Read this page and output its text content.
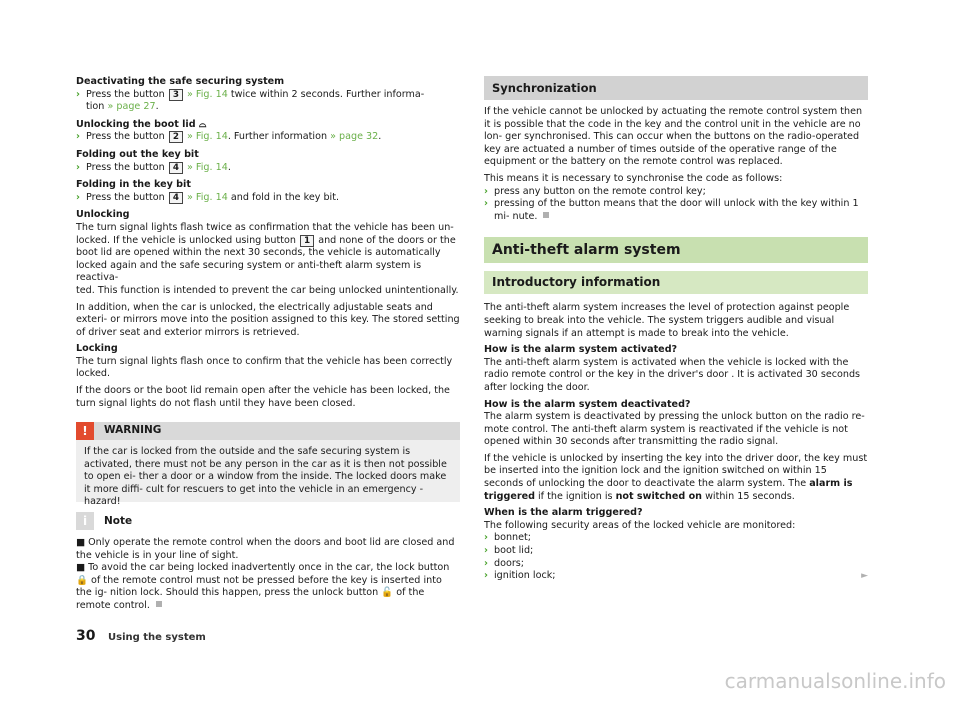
Deactivating the safe securing system

› Press the button 3 » Fig. 14 twice within 2 seconds. Further informa-
tion » page 27.

Unlocking the boot lid ⌓

› Press the button 2 » Fig. 14. Further information » page 32.

Folding out the key bit

› Press the button 4 » Fig. 14.

Folding in the key bit

› Press the button 4 » Fig. 14 and fold in the key bit.

Unlocking

The turn signal lights flash twice as confirmation that the vehicle has been un-
locked. If the vehicle is unlocked using button 1 and none of the doors or the
boot lid are opened within the next 30 seconds, the vehicle is automatically
locked again and the safe securing system or anti-theft alarm system is reactiva-
ted. This function is intended to prevent the car being unlocked unintentionally.

In addition, when the car is unlocked, the electrically adjustable seats and exteri- or mirrors move into the position assigned to this key. The stored setting of driver seat and exterior mirrors is retrieved.

Locking

The turn signal lights flash once to confirm that the vehicle has been correctly locked.

If the doors or the boot lid remain open after the vehicle has been locked, the turn signal lights do not flash until they have been closed.

!	WARNING
If the car is locked from the outside and the safe securing system is activated, there must not be any person in the car as it is then not possible to open ei- ther a door or a window from the inside. The locked doors make it more diffi- cult for rescuers to get into the vehicle in an emergency - hazard!
i	Note

■ Only operate the remote control when the doors and boot lid are closed and the vehicle is in your line of sight.

■ To avoid the car being locked inadvertently once in the car, the lock button 🔒 of the remote control must not be pressed before the key is inserted into the ig- nition lock. Should this happen, press the unlock button 🔓 of the remote control.

Synchronization

If the vehicle cannot be unlocked by actuating the remote control system then it is possible that the code in the key and the control unit in the vehicle are no lon- ger synchronised. This can occur when the buttons on the radio-operated key are actuated a number of times outside of the operative range of the equipment or the battery on the remote control was replaced.

This means it is necessary to synchronise the code as follows:

› press any button on the remote control key;

› pressing of the button means that the door will unlock with the key within 1 mi- nute.

Anti-theft alarm system
Introductory information

The anti-theft alarm system increases the level of protection against people seeking to break into the vehicle. The system triggers audible and visual warning signals if an attempt is made to break into the vehicle.

How is the alarm system activated?

The anti-theft alarm system is activated when the vehicle is locked with the radio remote control or the key in the driver's door . It is activated 30 seconds after locking the door.

How is the alarm system deactivated?

The alarm system is deactivated by pressing the unlock button on the radio re- mote control. The anti-theft alarm system is reactivated if the vehicle is not opened within 30 seconds after transmitting the radio signal.

If the vehicle is unlocked by inserting the key into the driver door, the key must be inserted into the ignition lock and the ignition switched on within 15 seconds of unlocking the door to deactivate the alarm system. The alarm is triggered if the ignition is not switched on within 15 seconds.

When is the alarm triggered?

The following security areas of the locked vehicle are monitored:

› bonnet;

› boot lid;

› doors;

› ignition lock;	►

30 Using the system
carmanualsonline.info
